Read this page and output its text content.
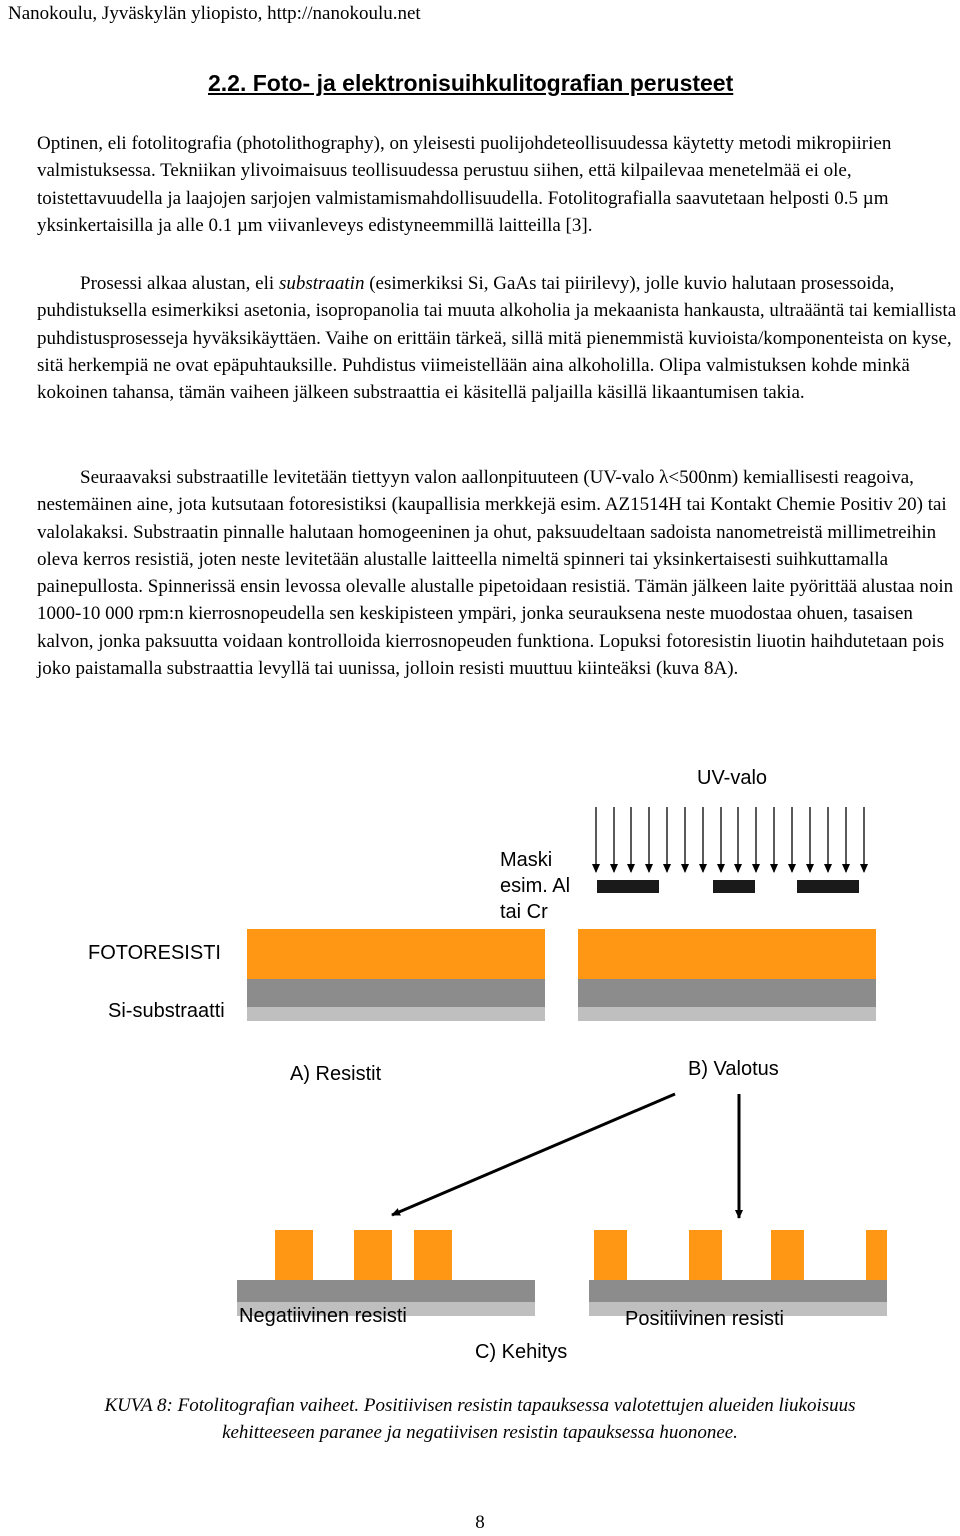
Nanokoulu, Jyväskylän yliopisto, http://nanokoulu.net
2.2. Foto- ja elektronisuihkulitografian perusteet

Optinen, eli fotolitografia (photolithography), on yleisesti puolijohdeteollisuudessa käytetty metodi mikropiirien valmistuksessa. Tekniikan ylivoimaisuus teollisuudessa perustuu siihen, että kilpailevaa menetelmää ei ole, toistettavuudella ja laajojen sarjojen valmistamismahdollisuudella. Fotolitografialla saavutetaan helposti 0.5 µm yksinkertaisilla ja alle 0.1 µm viivanleveys edistyneemmillä laitteilla [3].

Prosessi alkaa alustan, eli substraatin (esimerkiksi Si, GaAs tai piirilevy), jolle kuvio halutaan prosessoida, puhdistuksella esimerkiksi asetonia, isopropanolia tai muuta alkoholia ja mekaanista hankausta, ultraääntä tai kemiallista puhdistusprosesseja hyväksikäyttäen. Vaihe on erittäin tärkeä, sillä mitä pienemmistä kuvioista/komponenteista on kyse, sitä herkempiä ne ovat epäpuhtauksille. Puhdistus viimeistellään aina alkoholilla. Olipa valmistuksen kohde minkä kokoinen tahansa, tämän vaiheen jälkeen substraattia ei käsitellä paljailla käsillä likaantumisen takia.

Seuraavaksi substraatille levitetään tiettyyn valon aallonpituuteen (UV-valo λ<500nm) kemiallisesti reagoiva, nestemäinen aine, jota kutsutaan fotoresistiksi (kaupallisia merkkejä esim. AZ1514H tai Kontakt Chemie Positiv 20) tai valolakaksi. Substraatin pinnalle halutaan homogeeninen ja ohut, paksuudeltaan sadoista nanometreistä millimetreihin oleva kerros resistiä, joten neste levitetään alustalle laitteella nimeltä spinneri tai yksinkertaisesti suihkuttamalla painepullosta. Spinnerissä ensin levossa olevalle alustalle pipetoidaan resistiä. Tämän jälkeen laite pyörittää alustaa noin 1000-10 000 rpm:n kierrosnopeudella sen keskipisteen ympäri, jonka seurauksena neste muodostaa ohuen, tasaisen kalvon, jonka paksuutta voidaan kontrolloida kierrosnopeuden funktiona. Lopuksi fotoresistin liuotin haihdutetaan pois joko paistamalla substraattia levyllä tai uunissa, jolloin resisti muuttuu kiinteäksi (kuva 8A).

UV-valo
Maski esim. Al tai Cr
FOTORESISTI
Si-substraatti
A) Resistit	B) Valotus
Negatiivinen resisti	Positiivinen resisti
C) Kehitys
KUVA 8: Fotolitografian vaiheet. Positiivisen resistin tapauksessa valotettujen alueiden liukoisuus
kehitteeseen paranee ja negatiivisen resistin tapauksessa huononee.
8
